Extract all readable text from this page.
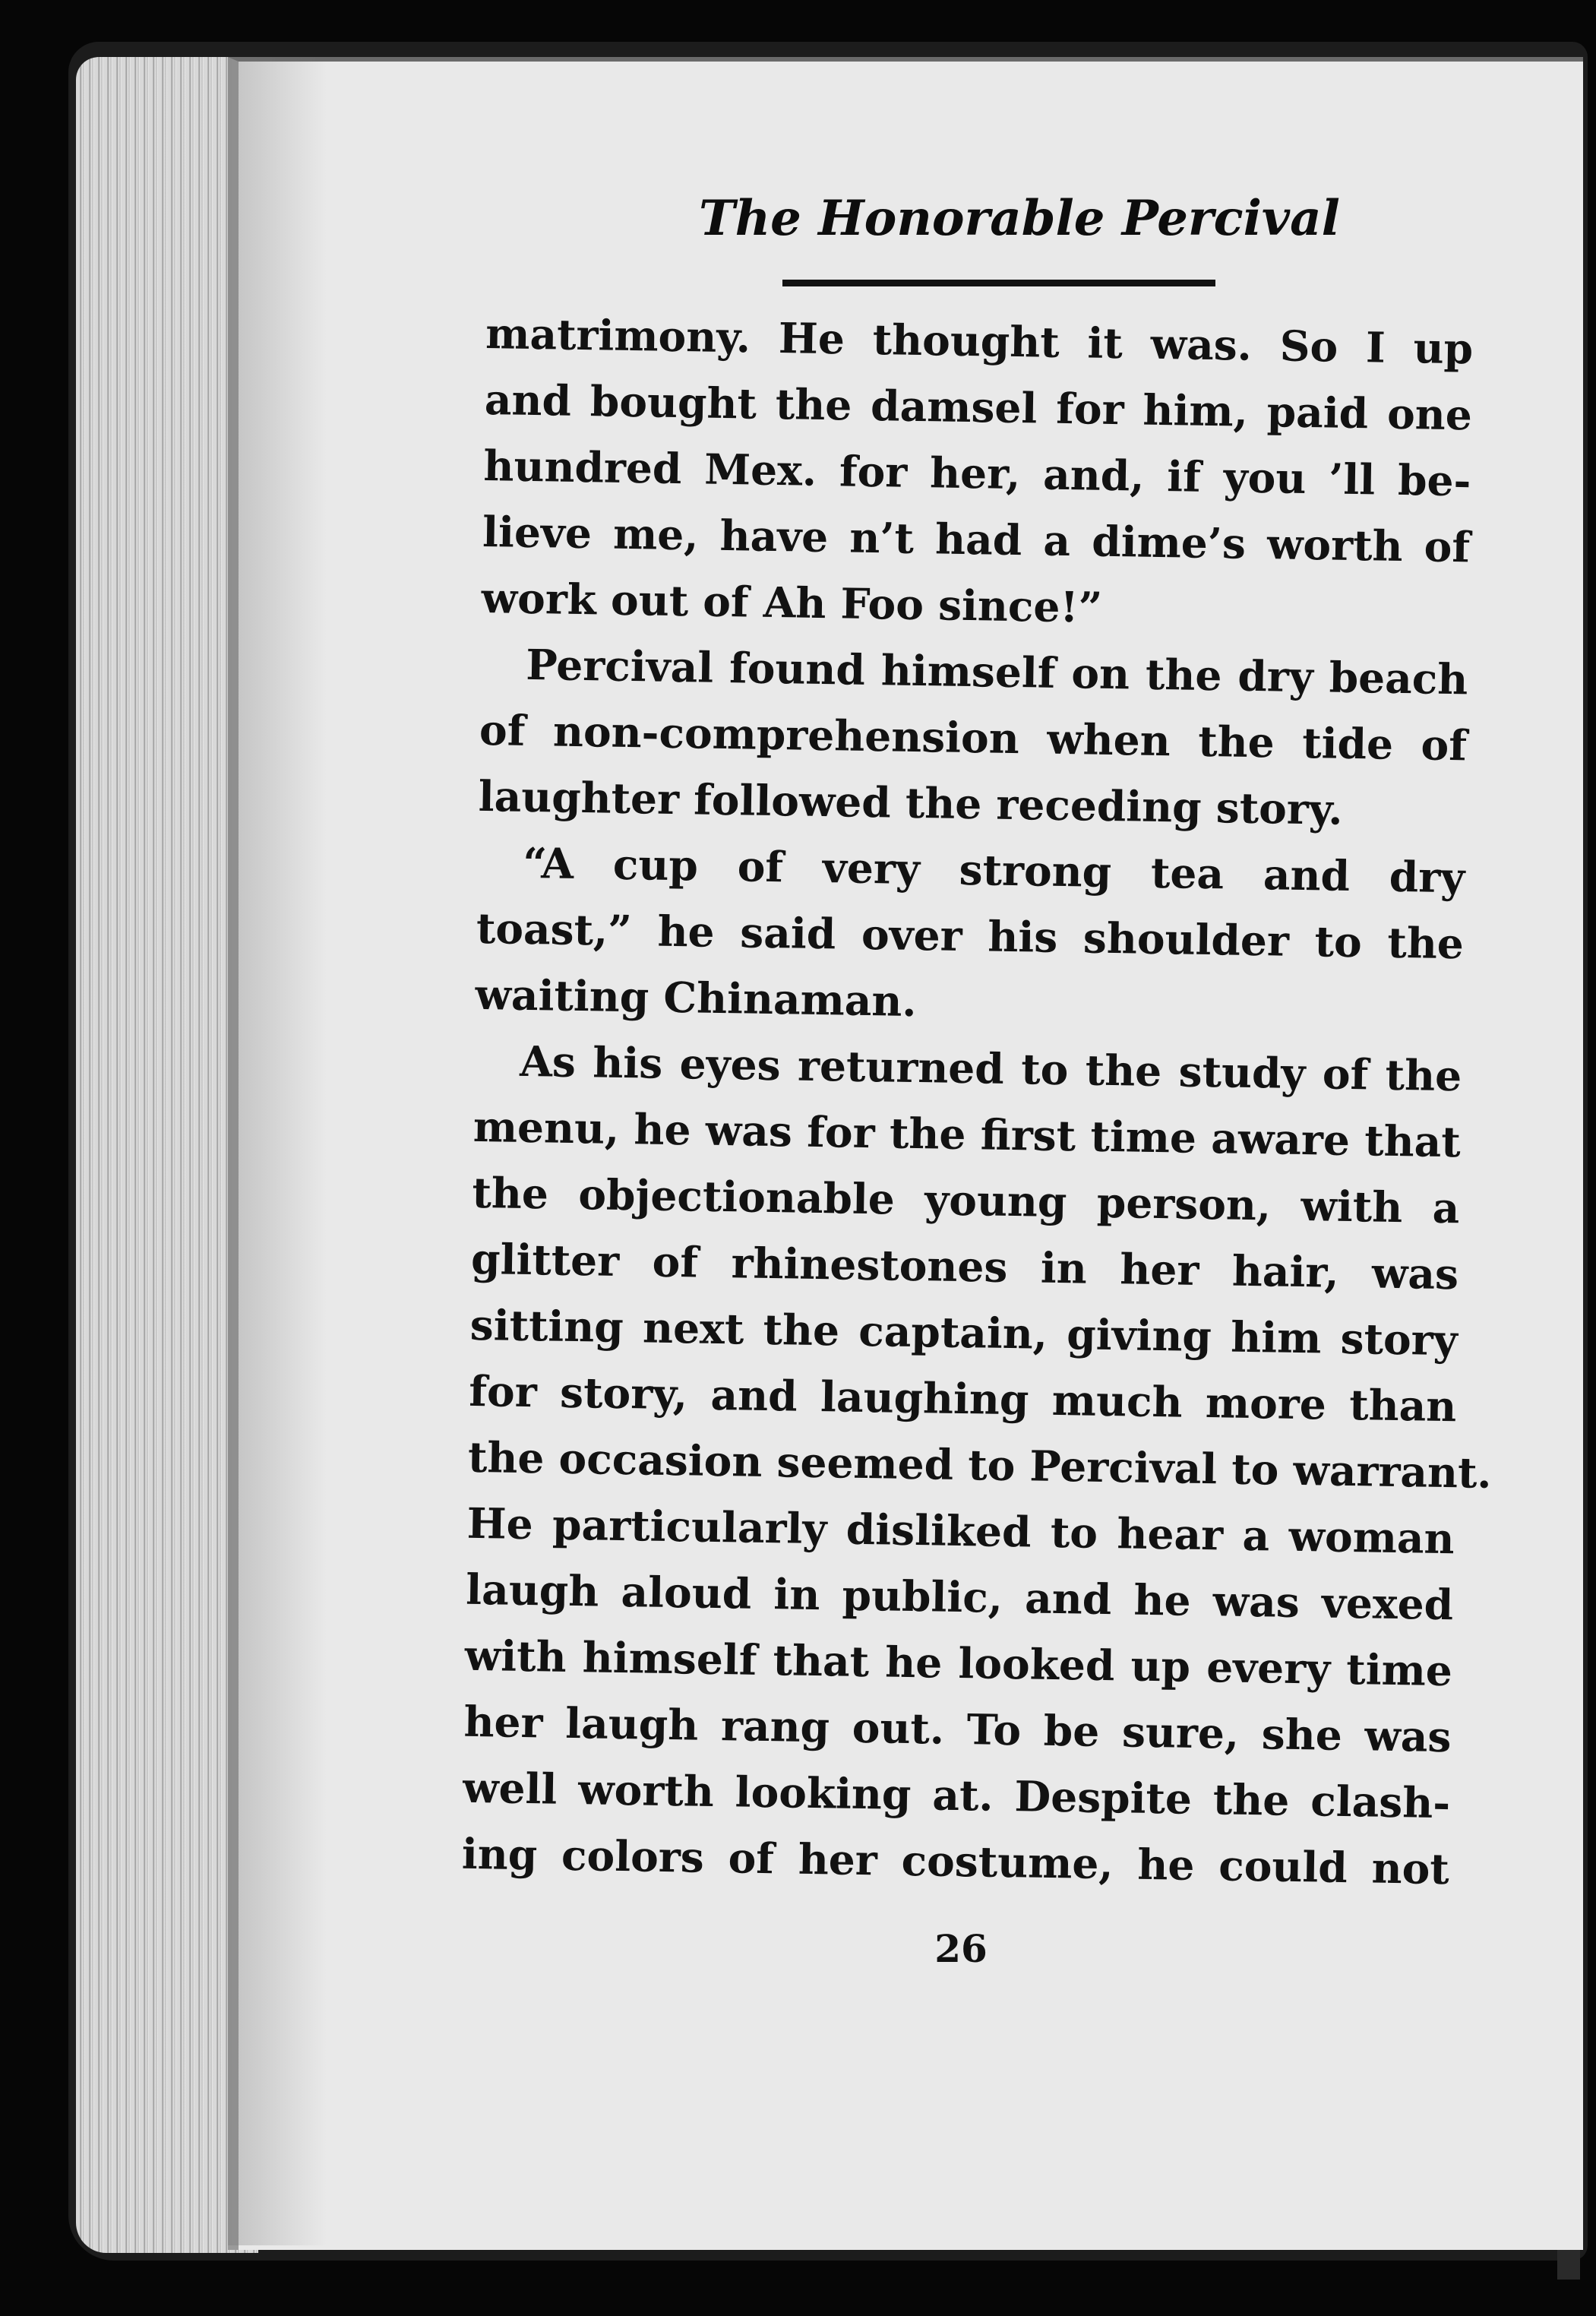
The Honorable Percival
matrimony. He thought it was. So I up
and bought the damsel for him, paid one
hundred Mex. for her, and, if you ’ll be-
lieve me, have n’t had a dime’s worth of
work out of Ah Foo since!”
Percival found himself on the dry beach
of non-comprehension when the tide of
laughter followed the receding story.
“A cup of very strong tea and dry
toast,” he said over his shoulder to the
waiting Chinaman.
As his eyes returned to the study of the
menu, he was for the first time aware that
the objectionable young person, with a
glitter of rhinestones in her hair, was
sitting next the captain, giving him story
for story, and laughing much more than
the occasion seemed to Percival to warrant.
He particularly disliked to hear a woman
laugh aloud in public, and he was vexed
with himself that he looked up every time
her laugh rang out. To be sure, she was
well worth looking at. Despite the clash-
ing colors of her costume, he could not
26
